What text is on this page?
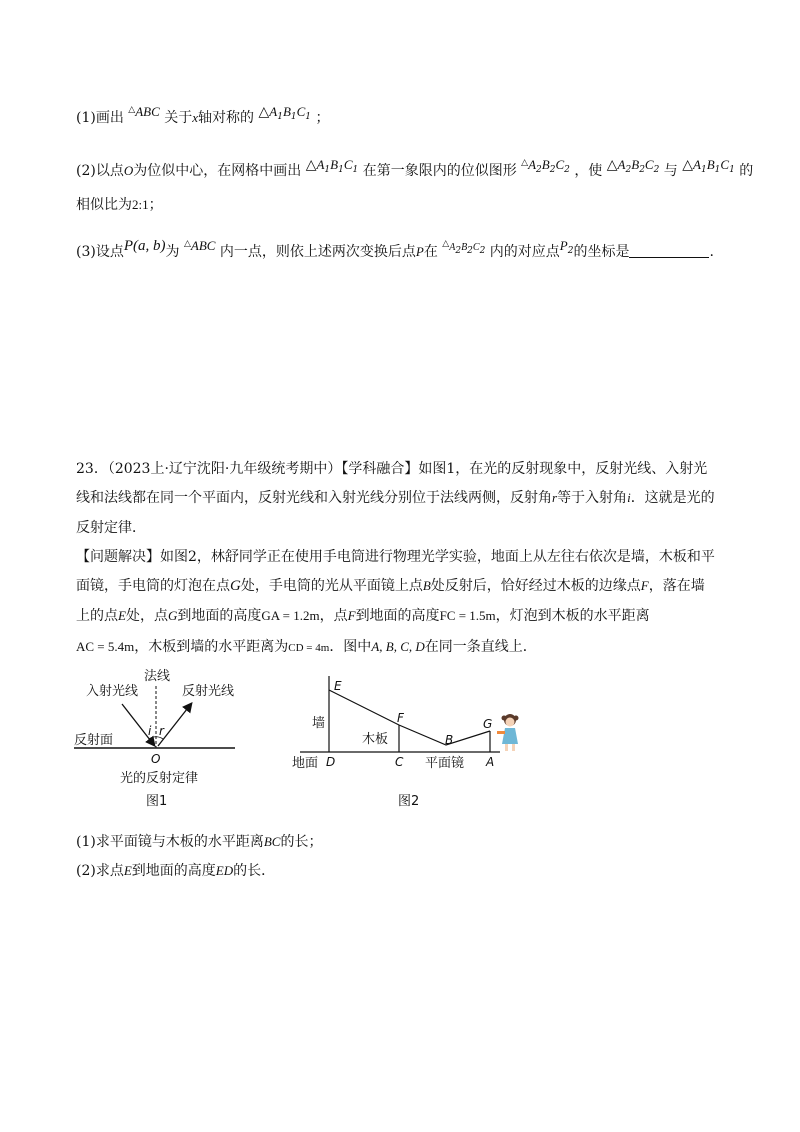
(1)画出 △ABC 关于x轴对称的 $\triangle A_1B_1C_1$ ；
(2)以点O为位似中心，在网格中画出 $\triangle A_1B_1C_1$ 在第一象限内的位似图形 $^\triangle A_2B_2C_2$ ，使 $\triangle A_2B_2C_2$ 与 $\triangle A_1B_1C_1$ 的
相似比为2:1；
(3)设点P(a, b)为 △ABC 内一点，则依上述两次变换后点P在 $^\triangle A_2B_2C_2$ 内的对应点$P_2$的坐标是	.
23．（2023上·辽宁沈阳·九年级统考期中）【学科融合】如图1，在光的反射现象中，反射光线、入射光
线和法线都在同一个平面内，反射光线和入射光线分别位于法线两侧，反射角r等于入射角i．这就是光的
反射定律．
【问题解决】如图2，林舒同学正在使用手电筒进行物理光学实验，地面上从左往右依次是墙，木板和平
面镜，手电筒的灯泡在点G处，手电筒的光从平面镜上点B处反射后，恰好经过木板的边缘点F，落在墙
上的点E处，点G到地面的高度GA = 1.2m，点F到地面的高度FC = 1.5m，灯泡到木板的水平距离
AC = 5.4m，木板到墙的水平距离为CD = 4m．图中A, B, C, D在同一条直线上．
法线
入射光线	反射光线
反射面
i r
O
光的反射定律
图1
E
F
B
G
D	C	A
墙
木板
地面	平面镜
图2
(1)求平面镜与木板的水平距离BC的长；
(2)求点E到地面的高度ED的长．
